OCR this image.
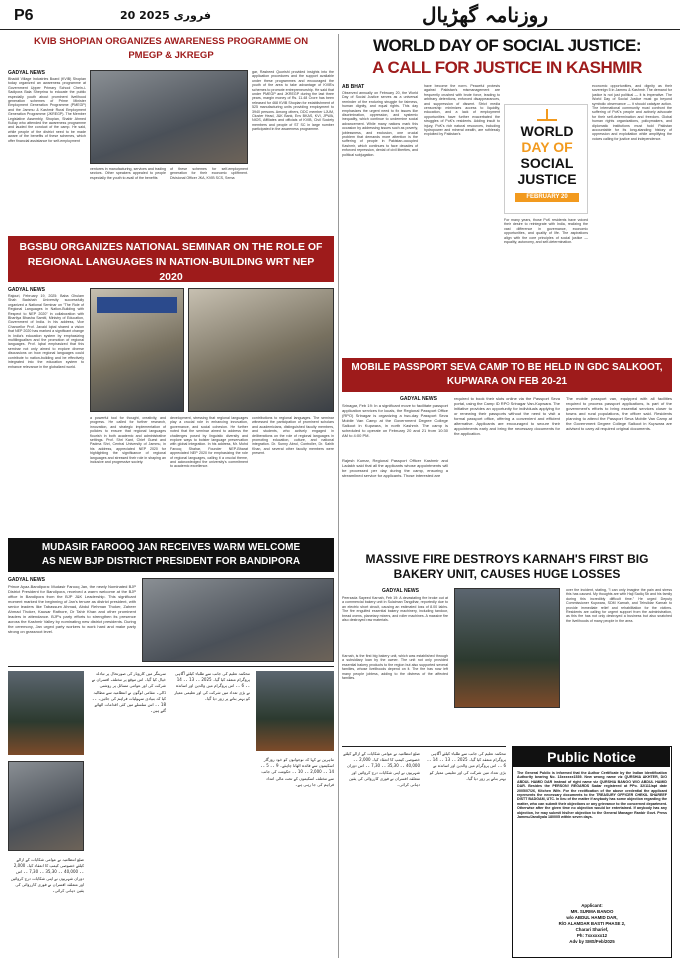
P6	20 فروری 2025	روزنامہ گھڑیال
KVIB SHOPIAN ORGANIZES AWARENESS PROGRAMME ON PMEGP & JKREGP
GADYAL NEWS
Bhaddi Village Industries Board (KVIB) Shopian today organized an awareness programme at Government Upper Primary School Chein-i-Sadipora Bala Sheprina to educate the public especially youth about prominent livelihood generation schemes of Prime Minister Employment Generation Programme (PMEGP) and the Jammu & Kashmir Rural Employment Generation Programme (JKREGP). The Member Legislative Assembly, Shopian, Shabir Ahmed Kullay who attended the awareness programme and lauded the conduct of the camp. He said, while people of the district need to be made aware of the benefits of these schemes, which offer financial assistance for self-employment
ventures in manufacturing, services and trading sectors. Other speakers appealed to people especially the youth to avail of the benefits
of these schemes for self-employment generation for their economic upliftment. Divisional Officer JKA, KVIB SCS, Sema
gar, Rasheed Quorishi provided insights into the application procedures and the support available under these programmes and encouraged the youth of the area to take advantage of KVIB's schemes to promote entrepreneurship. He said that under PMEGP and JKREGP during the last three years, margin money of Rs. 11.48 Crore has been released for 468 KVIB Shopian for establishment of 525 manufacturing units providing employment to 3940 persons. Among others, DDC member LJUM, Cluster Head, J&K Bank, Env BKAS, KVI, JPWA, NIOS, Affiliates and officials of KVIB, Civil Society members and people of ST SC in large number participated in the awareness programme.
BGSBU ORGANIZES NATIONAL SEMINAR ON THE ROLE OF REGIONAL LANGUAGES IN NATION-BUILDING WRT NEP 2020
GADYAL NEWS
Rajouri, February 19, 2025: Baba Ghulam Shah Badshah University successfully organized a National Seminar on "The Role of Regional Languages in Nation-Building with Respect to NEP 2020" in collaboration with Bhartiya Bhasha Samiti, Ministry of Education, Government of India. In his address, Vice Chancellor Prof. Javaid Iqbal shared a vision that NEP 2020 has marked a significant change in India's education system by emphasizing multilingualism and the promotion of regional languages. Prof. Iqbal emphasized that this seminar not only aimed to explore diverse discussions on how regional languages could contribute to nation-building and be effectively integrated into the education system to enhance relevance in the globalized world.
a powerful tool for thought, creativity, and progress. He called for further research, innovation, and strategic implementation of policies to ensure that regional languages flourish in both academic and administrative settings. Prof. Shri Kant, Chief Guest and Padma Shri, Central University of Jammu, in his address, appreciated NEP 2020 for highlighting the significance of regional languages and stressed their role in shaping an inclusive and progressive society.
development, stressing that regional languages play a crucial role in enhancing innovation, governance, and social cohesion. He further noted that the seminar aimed to address the challenges posed by linguistic diversity and explore ways to bolster language preservation with global integration. In his address, Mr. Mohd Farooq Shahar, Founder NEP-Bharat appreciated NEP 2020 for emphasizing the role of regional languages, calling it a crucial theme, and acknowledged the university's commitment to academic excellence.
contributions to regional languages. The seminar witnessed the participation of prominent scholars and academicians, distinguished faculty members, and students, who actively engaged in deliberations on the role of regional languages in promoting education, culture, and national integration. Dr. Sunny Abrol, Controller, Dr. Sahib Khan, and several other faculty members were present.
MUDASIR FAROOQ JAN RECEIVES WARM WELCOME
AS NEW BJP DISTRICT PRESIDENT FOR BANDIPORA
GADYAL NEWS
Prince Ayaz-Bandipora: Mudasir Farooq Jan, the newly Nominated BJP District President for Bandipora, received a warm welcome at the BJP office in Bandipora from the BJP J&K Leadership. This significant moment marked the beginning of Jan's tenure as district president, with senior leaders like Tabassum Ahmad, Abdul Rehman Thoker, Zaheer Ahmad Thoker, Kausar Rathore, Dr Tahir Khan and other prominent leaders in attendance. BJP's party efforts to strengthen its presence across the Kashmir Valley by nominating new district presidents. During the ceremony, Jan urged party workers to work hard and make party strong on grassroot level.
سرینگر میں کاروبار کی صورتحال پر تبادلہ خیال کیا گیا۔ اس موقع پر مختلف افسران نے شرکت کی اور عوامی مسائل پر روشنی ڈالی۔ مقامی لوگوں نے انتظامیہ سے مطالبہ کیا کہ بنیادی سہولیات فراہم کی جائیں۔ ۔۔ 18 ۔۔ اس سلسلے میں کئی اقدامات اٹھائے گئے ہیں۔
ضلع انتظامیہ نے عوامی شکایات کے ازالے کیلئے خصوصی کیمپ کا انعقاد کیا۔ 2,000 ۔۔ 40,000 ۔۔ 35,30 ۔۔ 7,30 ۔۔ اس دوران شہریوں نے اپنی شکایات درج کروائیں اور متعلقہ افسران نے فوری کارروائی کی یقین دہانی کرائی۔
محکمہ تعلیم کی جانب سے طلباء کیلئے آگاہی پروگرام منعقد کیا گیا۔ 2025 ۔۔ 13 ۔۔ 14 ۔۔ 6 ۔۔ اس پروگرام میں والدین اور اساتذہ نے بڑی تعداد میں شرکت کی اور تعلیمی معیار کو بہتر بنانے پر زور دیا گیا۔
ماہرین نے کہا کہ نوجوانوں کو خود روزگار اسکیموں سے فائدہ اٹھانا چاہئے۔ 9 ۔۔ 5 ۔۔ 14 ۔۔ 2,000 ۔۔ 10 ۔۔ حکومت کی جانب سے مختلف اسکیموں کے تحت مالی امداد فراہم کی جا رہی ہے۔
WORLD DAY OF SOCIAL JUSTICE:
A CALL FOR JUSTICE IN KASHMIR
AB BHAT
Observed annually on February 20, the World Day of Social Justice serves as a universal reminder of the enduring struggle for fairness, human dignity, and equal rights. This day emphasizes the urgent need to fix issues like discrimination, oppression, and systemic inequality, which continue to undermine social advancement. While many nations mark this occasion by addressing issues such as poverty, joblessness, and exclusion, one crucial problem that demands more attention is the suffering of people in Pakistan-occupied Kashmir, which continues to face decades of enforced repression, denial of civil liberties, and political subjugation.
have become the norm. Peaceful protests against Pakistan's mismanagement are frequently crushed with brute force, leading to arbitrary detentions, enforced disappearances, and suppression of dissent. Strict media censorship minimizes access to liquidity, education, and a lack of employment opportunities have further exacerbated the struggles of PoK's residents. Adding insult to injury, PoK's rich natural resources, including hydropower and mineral wealth, are ruthlessly exploited by Pakistan's	WORLD
DAY OF
SOCIAL
JUSTICE
FEBRUARY 20
For many years, those PoK residents have voiced their desire to reintegrate with India, realizing the vast difference in governance, economic opportunities, and quality of life. The aspirations align with the core principles of social justice — equality, autonomy, and self-determination.
economic opportunities, and dignity as their sovereign 5 in Jammu & Kashmir. The demand for justice is not just political — it is imperative. The World Day of Social Justice must go beyond symbolic observance — it should catalyze action. The international community must confront the suffering of PoK's people and actively advocate for their self-determination and freedom. Global human rights organizations, policymakers, and diplomatic institutions must hold Pakistan accountable for its long-standing history of oppression and exploitation while amplifying the voices calling for justice and independence.
MOBILE PASSPORT SEVA CAMP TO BE HELD IN GDC SALKOOT,
KUPWARA ON FEB 20-21
GADYAL NEWS
Srinagar, Feb 19: In a significant move to facilitate passport application services for locals, the Regional Passport Office (RPO) Srinagar is organizing a two-day Passport Seva Mobile Van Camp at the Government Degree College Salkoot in Kupwara, in north Kashmir. The camp is scheduled to operate on February 20 and 21 from 10:30 AM to 4:00 PM.
Rajesh Kumar, Regional Passport Officer Kashmir and Ladakh said that all the applicants whose appointments will be processed per day during the camp, ensuring a streamlined service for applicants. Those interested are
required to book their slots online via the Passport Seva portal, using the Camp ID RPO Srinagar Van-Kupwara. The initiative provides an opportunity for individuals applying for or renewing their passports without the need to visit a formal passport office, offering a convenient and efficient alternative. Applicants are encouraged to secure their appointments early and bring the necessary documents for the application.
The mobile passport van, equipped with all facilities required to process passport applications, is part of the government's efforts to bring essential services closer to towns and rural populations, the officer said. Residents planning to attend the Passport Seva Mobile Van Camp at the Government Degree College Salkoot in Kupwara are advised to carry all required original documents.
MASSIVE FIRE DESTROYS KARNAH'S FIRST BIG
BAKERY UNIT, CAUSES HUGE LOSSES
GADYAL NEWS
Peerzada Sayeed Karnah, Feb 19: A devastating fire broke out at a commercial bakery unit in Sulaiman Tangdhar, reportedly due to an electric short circuit, causing an estimated loss of 8.00 lakhs. The fire engulfed essential bakery machinery, including tandoor, bread ovens, planetary mixers, and roller machines. A massive fire also destroyed raw materials.
Karnah, is the first big bakery unit, which was established through a subsidiary loan by the owner. The unit not only provided essential bakery products to the region but also supported several families, whose livelihoods depend on it. The fire has now left many people jobless, adding to the distress of the affected families.
over the incident, stating, "I can only imagine the pain and stress this has caused. My thoughts are with Haji Sadiq Sb and his family during this incredibly difficult time." He urged Deputy Commissioner Kupwara, SDM Karnah, and Tehsildar Karnah to provide immediate relief and rehabilitation for the victims. Residents are calling for urgent support from the administration, as this fire has not only destroyed a business but also snatched the livelihoods of many people in the area.
ضلع انتظامیہ نے عوامی شکایات کے ازالے کیلئے خصوصی کیمپ کا انعقاد کیا۔ 2,000 ۔۔ 40,000 ۔۔ 35,30 ۔۔ 7,30 ۔۔ اس دوران شہریوں نے اپنی شکایات درج کروائیں اور متعلقہ افسران نے فوری کارروائی کی یقین دہانی کرائی۔
محکمہ تعلیم کی جانب سے طلباء کیلئے آگاہی پروگرام منعقد کیا گیا۔ 2025 ۔۔ 13 ۔۔ 14 ۔۔ 6 ۔۔ اس پروگرام میں والدین اور اساتذہ نے بڑی تعداد میں شرکت کی اور تعلیمی معیار کو بہتر بنانے پر زور دیا گیا۔
Public Notice
The General Public is informed that the Author Certificate by the Indian Identification Authority bearing No. 13xxxxxx1539. New wrong name viz QURSHIA AKHTER, D/O ABDUL HAMID DAR instead of right name viz QURSHIA BANOO W/O ABDUL HAMID DAR. Besides the PERSON! REGARDS Sadar registered at PPo. 32/111/apt date 2005/07/26, Kitchen Wife. For the rectification of the above credential the applicant represents the necessary documents to the TREASURY OFFICER CHEKIL SHAREEF DISTT BADGAM, UTC. In lieu of the matter if anybody has some objection regarding the matter, who can submit their objections or any grievance to the concerned department. Otherwise after the given time no objection would be entertained. If anybody has any objection, he may submit his/her objection to the General Manager Ranbir Govt. Press Jammu/Jandiyala 180005 within seven days.
Applicant:
MR. SURMA BANOO
w/o ABDUL HAMID DAR,
R/O ALAMDAR BASTI PHASE 2,
Charari Sharief,
Ph: 7xxxxxx12
Adv by SMS/Feb/2025
